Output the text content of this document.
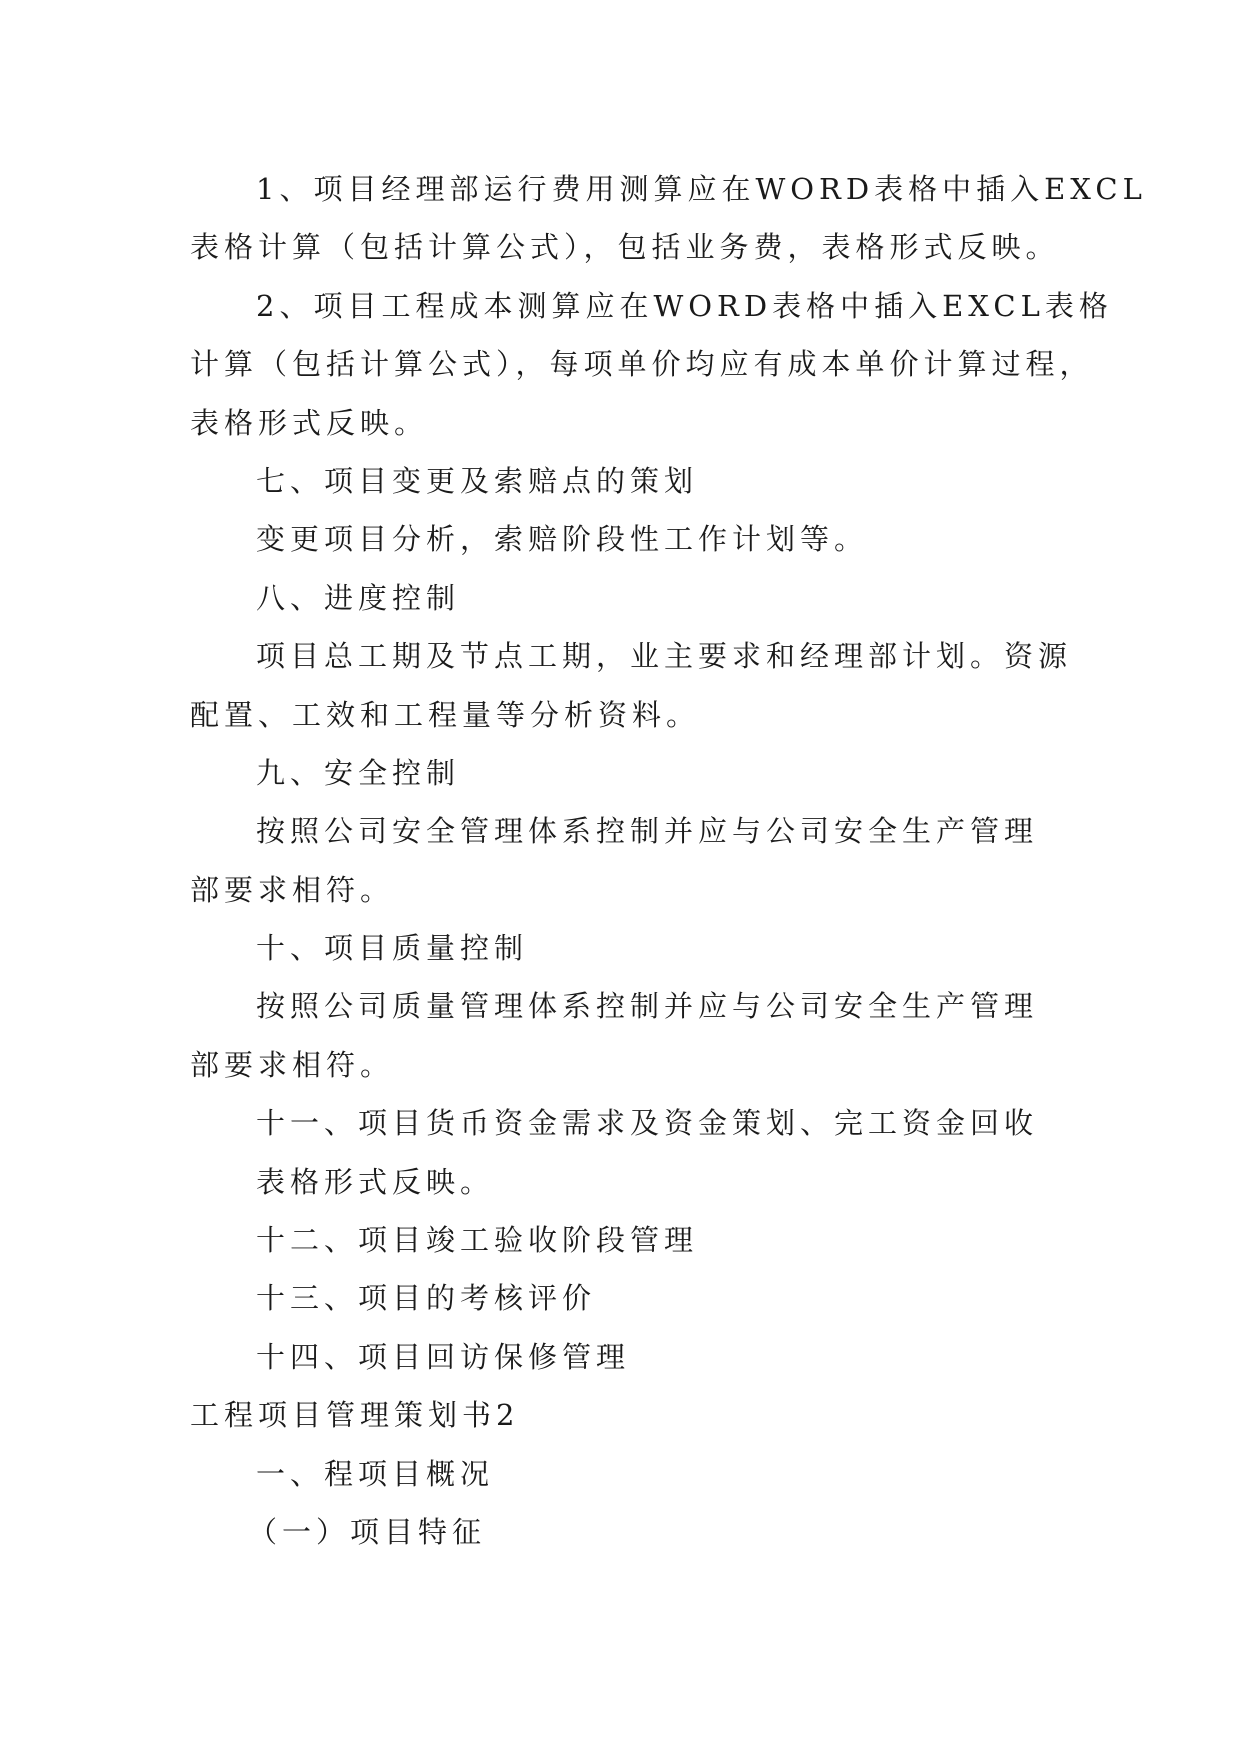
1、项目经理部运行费用测算应在WORD表格中插入EXCL
表格计算（包括计算公式），包括业务费，表格形式反映。
2、项目工程成本测算应在WORD表格中插入EXCL表格
计算（包括计算公式），每项单价均应有成本单价计算过程，
表格形式反映。
七、项目变更及索赔点的策划
变更项目分析，索赔阶段性工作计划等。
八、进度控制
项目总工期及节点工期，业主要求和经理部计划。资源
配置、工效和工程量等分析资料。
九、安全控制
按照公司安全管理体系控制并应与公司安全生产管理
部要求相符。
十、项目质量控制
按照公司质量管理体系控制并应与公司安全生产管理
部要求相符。
十一、项目货币资金需求及资金策划、完工资金回收
表格形式反映。
十二、项目竣工验收阶段管理
十三、项目的考核评价
十四、项目回访保修管理
工程项目管理策划书2
一、程项目概况
（一）项目特征
